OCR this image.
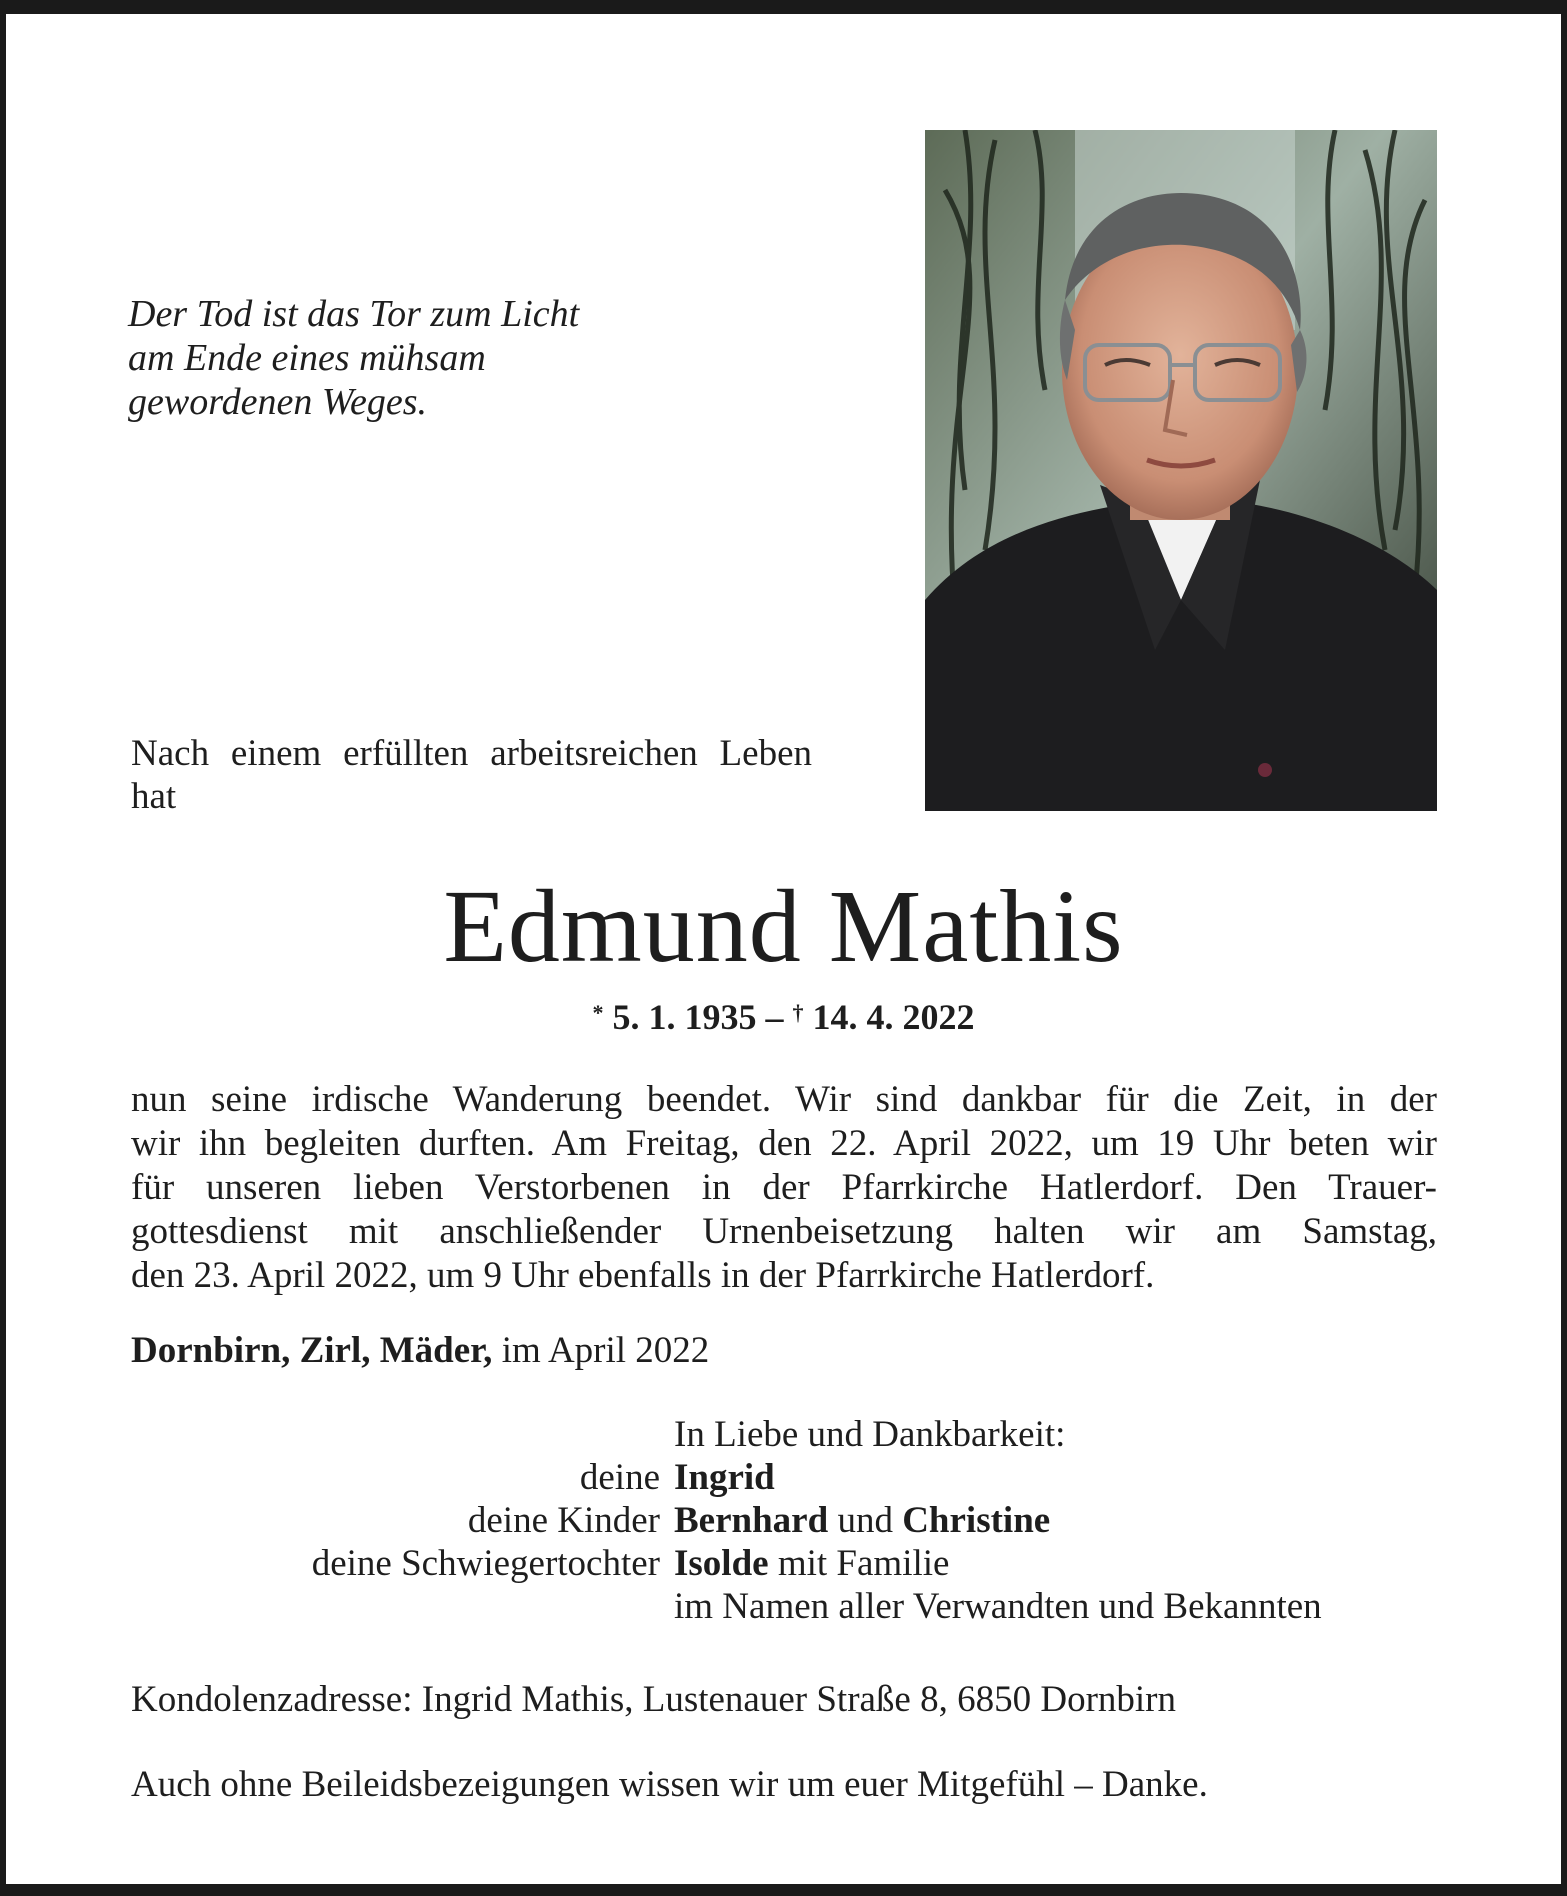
Der Tod ist das Tor zum Licht
am Ende eines mühsam
gewordenen Weges.
Nach einem erfüllten arbeitsreichen Leben hat
Edmund Mathis
* 5. 1. 1935 – † 14. 4. 2022
nun seine irdische Wanderung beendet. Wir sind dankbar für die Zeit, in der
wir ihn begleiten durften. Am Freitag, den 22. April 2022, um 19 Uhr beten wir
für unseren lieben Verstorbenen in der Pfarrkirche Hatlerdorf. Den Trauer-
gottesdienst mit anschließender Urnenbeisetzung halten wir am Samstag,
den 23. April 2022, um 9 Uhr ebenfalls in der Pfarrkirche Hatlerdorf.
Dornbirn, Zirl, Mäder, im April 2022
In Liebe und Dankbarkeit:
deine Ingrid
deine Kinder Bernhard und Christine
deine Schwiegertochter Isolde mit Familie
im Namen aller Verwandten und Bekannten
Kondolenzadresse: Ingrid Mathis, Lustenauer Straße 8, 6850 Dornbirn
Auch ohne Beileidsbezeigungen wissen wir um euer Mitgefühl – Danke.
